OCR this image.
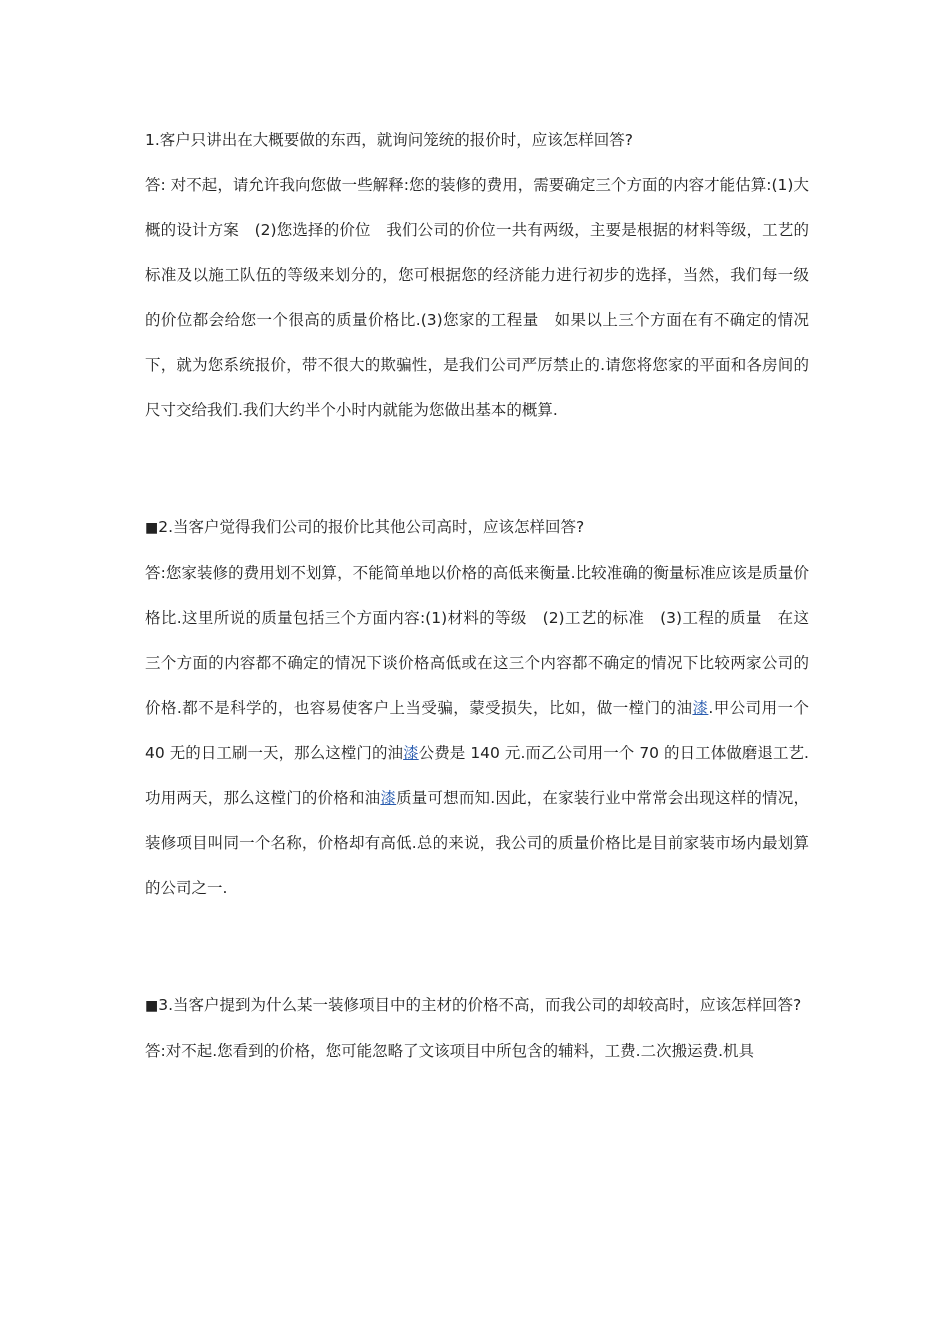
1.客户只讲出在大概要做的东西，就询问笼统的报价时，应该怎样回答?

答: 对不起，请允许我向您做一些解释:您的装修的费用，需要确定三个方面的内容才能估算:(1)大概的设计方案　(2)您选择的价位　我们公司的价位一共有两级，主要是根据的材料等级，工艺的标准及以施工队伍的等级来划分的，您可根据您的经济能力进行初步的选择，当然，我们每一级的价位都会给您一个很高的质量价格比.(3)您家的工程量　如果以上三个方面在有不确定的情况下，就为您系统报价，带不很大的欺骗性，是我们公司严厉禁止的.请您将您家的平面和各房间的尺寸交给我们.我们大约半个小时内就能为您做出基本的概算.

■2.当客户觉得我们公司的报价比其他公司高时，应该怎样回答?

答:您家装修的费用划不划算，不能简单地以价格的高低来衡量.比较准确的衡量标准应该是质量价格比.这里所说的质量包括三个方面内容:(1)材料的等级　(2)工艺的标准　(3)工程的质量　在这三个方面的内容都不确定的情况下谈价格高低或在这三个内容都不确定的情况下比较两家公司的价格.都不是科学的，也容易使客户上当受骗，蒙受损失，比如，做一樘门的油漆.甲公司用一个 40 无的日工刷一天，那么这樘门的油漆公费是 140 元.而乙公司用一个 70 的日工体做磨退工艺.功用两天，那么这樘门的价格和油漆质量可想而知.因此，在家装行业中常常会出现这样的情况，装修项目叫同一个名称，价格却有高低.总的来说，我公司的质量价格比是目前家装市场内最划算的公司之一.

■3.当客户提到为什么某一装修项目中的主材的价格不高，而我公司的却较高时，应该怎样回答?

答:对不起.您看到的价格，您可能忽略了文该项目中所包含的辅料，工费.二次搬运费.机具
